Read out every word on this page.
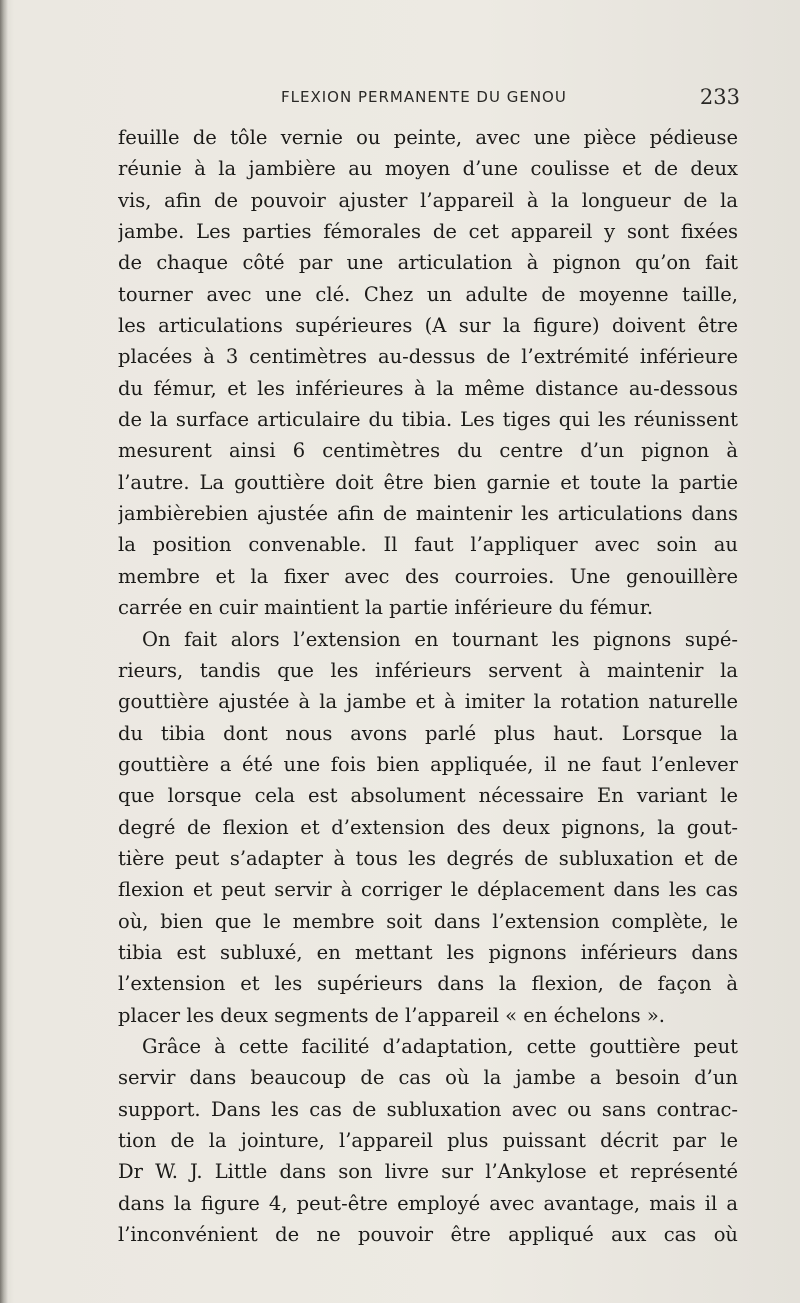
FLEXION PERMANENTE DU GENOU	233
feuille de tôle vernie ou peinte, avec une pièce pédieuse
réunie à la jambière au moyen d’une coulisse et de deux
vis, afin de pouvoir ajuster l’appareil à la longueur de la
jambe. Les parties fémorales de cet appareil y sont fixées
de chaque côté par une articulation à pignon qu’on fait
tourner avec une clé. Chez un adulte de moyenne taille,
les articulations supérieures (A sur la figure) doivent être
placées à 3 centimètres au-dessus de l’extrémité inférieure
du fémur, et les inférieures à la même distance au-dessous
de la surface articulaire du tibia. Les tiges qui les réunissent
mesurent ainsi 6 centimètres du centre d’un pignon à
l’autre. La gouttière doit être bien garnie et toute la partie
jambièrebien ajustée afin de maintenir les articulations dans
la position convenable. Il faut l’appliquer avec soin au
membre et la fixer avec des courroies. Une genouillère
carrée en cuir maintient la partie inférieure du fémur.
On fait alors l’extension en tournant les pignons supé-
rieurs, tandis que les inférieurs servent à maintenir la
gouttière ajustée à la jambe et à imiter la rotation naturelle
du tibia dont nous avons parlé plus haut. Lorsque la
gouttière a été une fois bien appliquée, il ne faut l’enlever
que lorsque cela est absolument nécessaire En variant le
degré de flexion et d’extension des deux pignons, la gout-
tière peut s’adapter à tous les degrés de subluxation et de
flexion et peut servir à corriger le déplacement dans les cas
où, bien que le membre soit dans l’extension complète, le
tibia est subluxé, en mettant les pignons inférieurs dans
l’extension et les supérieurs dans la flexion, de façon à
placer les deux segments de l’appareil « en échelons ».
Grâce à cette facilité d’adaptation, cette gouttière peut
servir dans beaucoup de cas où la jambe a besoin d’un
support. Dans les cas de subluxation avec ou sans contrac-
tion de la jointure, l’appareil plus puissant décrit par le
Dr W. J. Little dans son livre sur l’Ankylose et représenté
dans la figure 4, peut-être employé avec avantage, mais il a
l’inconvénient de ne pouvoir être appliqué aux cas où
